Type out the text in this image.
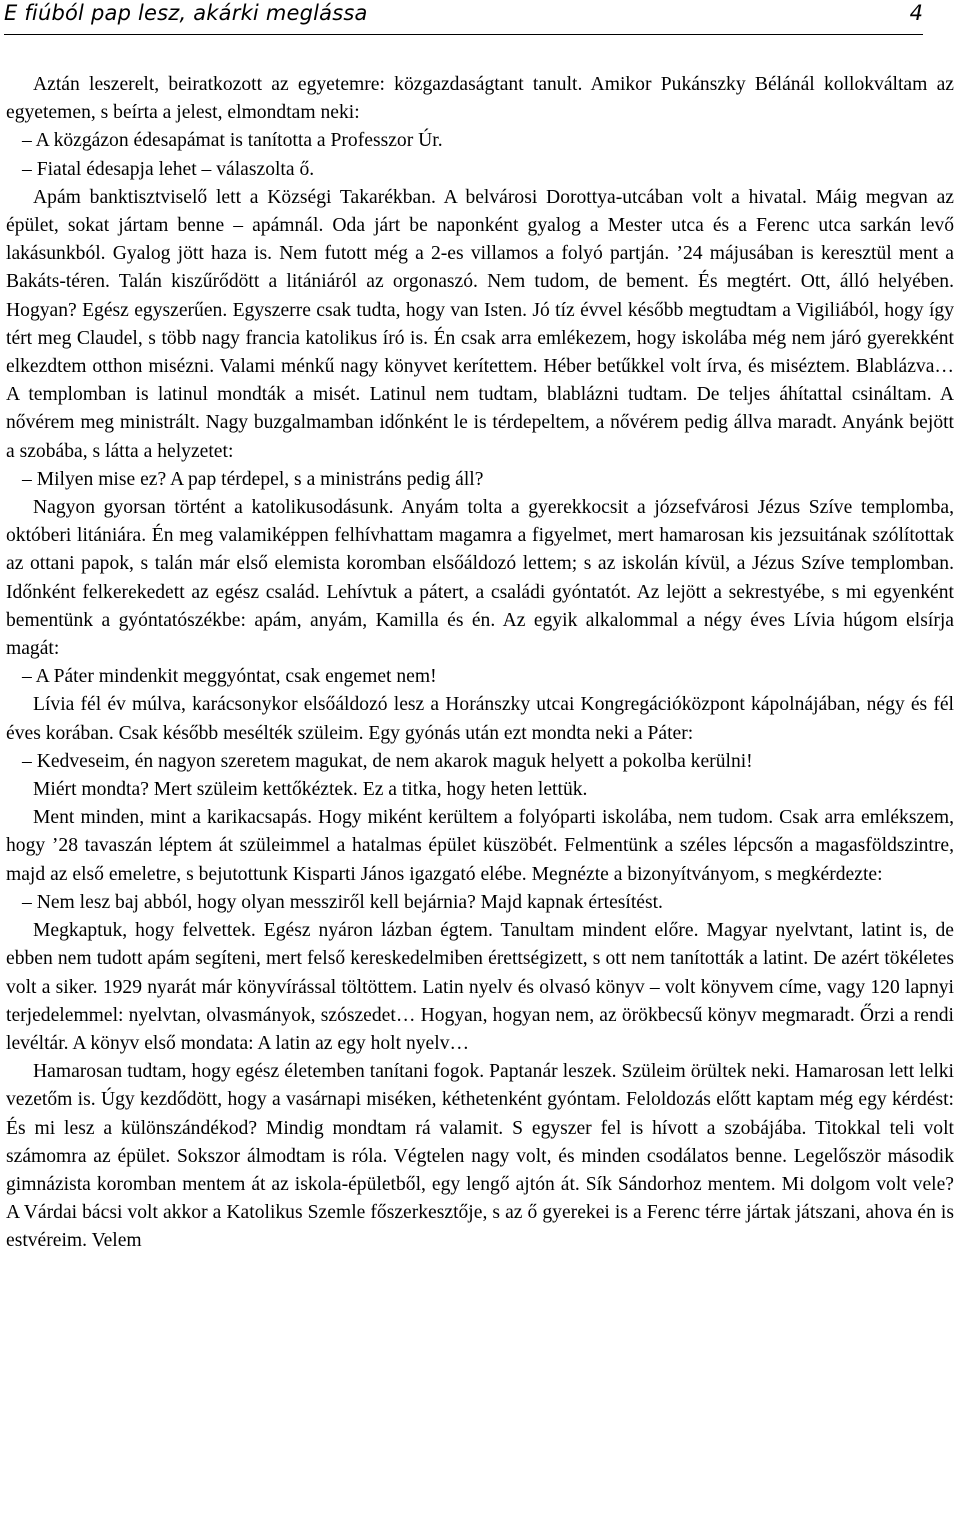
E fiúból pap lesz, akárki meglássa	4

Aztán leszerelt, beiratkozott az egyetemre: közgazdaságtant tanult. Amikor Pukánszky Bélánál kollokváltam az egyetemen, s beírta a jelest, elmondtam neki:

– A közgázon édesapámat is tanította a Professzor Úr.

– Fiatal édesapja lehet – válaszolta ő.

Apám banktisztviselő lett a Községi Takarékban. A belvárosi Dorottya-utcában volt a hivatal. Máig megvan az épület, sokat jártam benne – apámnál. Oda járt be naponként gyalog a Mester utca és a Ferenc utca sarkán levő lakásunkból. Gyalog jött haza is. Nem futott még a 2-es villamos a folyó partján. ’24 májusában is keresztül ment a Bakáts-téren. Talán kiszűrődött a litániáról az orgonaszó. Nem tudom, de bement. És megtért. Ott, álló helyében. Hogyan? Egész egyszerűen. Egyszerre csak tudta, hogy van Isten. Jó tíz évvel később megtudtam a Vigiliából, hogy így tért meg Claudel, s több nagy francia katolikus író is. Én csak arra emlékezem, hogy iskolába még nem járó gyerekként elkezdtem otthon misézni. Valami ménkű nagy könyvet kerítettem. Héber betűkkel volt írva, és miséztem. Blablázva… A templomban is latinul mondták a misét. Latinul nem tudtam, blablázni tudtam. De teljes áhítattal csináltam. A nővérem meg ministrált. Nagy buzgalmamban időnként le is térdepeltem, a nővérem pedig állva maradt. Anyánk bejött a szobába, s látta a helyzetet:

– Milyen mise ez? A pap térdepel, s a ministráns pedig áll?

Nagyon gyorsan történt a katolikusodásunk. Anyám tolta a gyerekkocsit a józsefvárosi Jézus Szíve templomba, októberi litániára. Én meg valamiképpen felhívhattam magamra a figyelmet, mert hamarosan kis jezsuitának szólítottak az ottani papok, s talán már első elemista koromban elsőáldozó lettem; s az iskolán kívül, a Jézus Szíve templomban. Időnként felkerekedett az egész család. Lehívtuk a pátert, a családi gyóntatót. Az lejött a sekrestyébe, s mi egyenként bementünk a gyóntatószékbe: apám, anyám, Kamilla és én. Az egyik alkalommal a négy éves Lívia húgom elsírja magát:

– A Páter mindenkit meggyóntat, csak engemet nem!

Lívia fél év múlva, karácsonykor elsőáldozó lesz a Horánszky utcai Kongregációközpont kápolnájában, négy és fél éves korában. Csak később mesélték szüleim. Egy gyónás után ezt mondta neki a Páter:

– Kedveseim, én nagyon szeretem magukat, de nem akarok maguk helyett a pokolba kerülni!

Miért mondta? Mert szüleim kettőkéztek. Ez a titka, hogy heten lettük.

Ment minden, mint a karikacsapás. Hogy miként kerültem a folyóparti iskolába, nem tudom. Csak arra emlékszem, hogy ’28 tavaszán léptem át szüleimmel a hatalmas épület küszöbét. Felmentünk a széles lépcsőn a magasföldszintre, majd az első emeletre, s bejutottunk Kisparti János igazgató elébe. Megnézte a bizonyítványom, s megkérdezte:

– Nem lesz baj abból, hogy olyan messziről kell bejárnia? Majd kapnak értesítést.

Megkaptuk, hogy felvettek. Egész nyáron lázban égtem. Tanultam mindent előre. Magyar nyelvtant, latint is, de ebben nem tudott apám segíteni, mert felső kereskedelmiben érettségizett, s ott nem tanították a latint. De azért tökéletes volt a siker. 1929 nyarát már könyvírással töltöttem. Latin nyelv és olvasó könyv – volt könyvem címe, vagy 120 lapnyi terjedelemmel: nyelvtan, olvasmányok, szószedet… Hogyan, hogyan nem, az örökbecsű könyv megmaradt. Őrzi a rendi levéltár. A könyv első mondata: A latin az egy holt nyelv…

Hamarosan tudtam, hogy egész életemben tanítani fogok. Paptanár leszek. Szüleim örültek neki. Hamarosan lett lelki vezetőm is. Úgy kezdődött, hogy a vasárnapi miséken, kéthetenként gyóntam. Feloldozás előtt kaptam még egy kérdést: És mi lesz a különszándékod? Mindig mondtam rá valamit. S egyszer fel is hívott a szobájába. Titokkal teli volt számomra az épület. Sokszor álmodtam is róla. Végtelen nagy volt, és minden csodálatos benne. Legelőször második gimnázista koromban mentem át az iskola-épületből, egy lengő ajtón át. Sík Sándorhoz mentem. Mi dolgom volt vele? A Várdai bácsi volt akkor a Katolikus Szemle főszerkesztője, s az ő gyerekei is a Ferenc térre jártak játszani, ahova én is estvéreim. Velem
